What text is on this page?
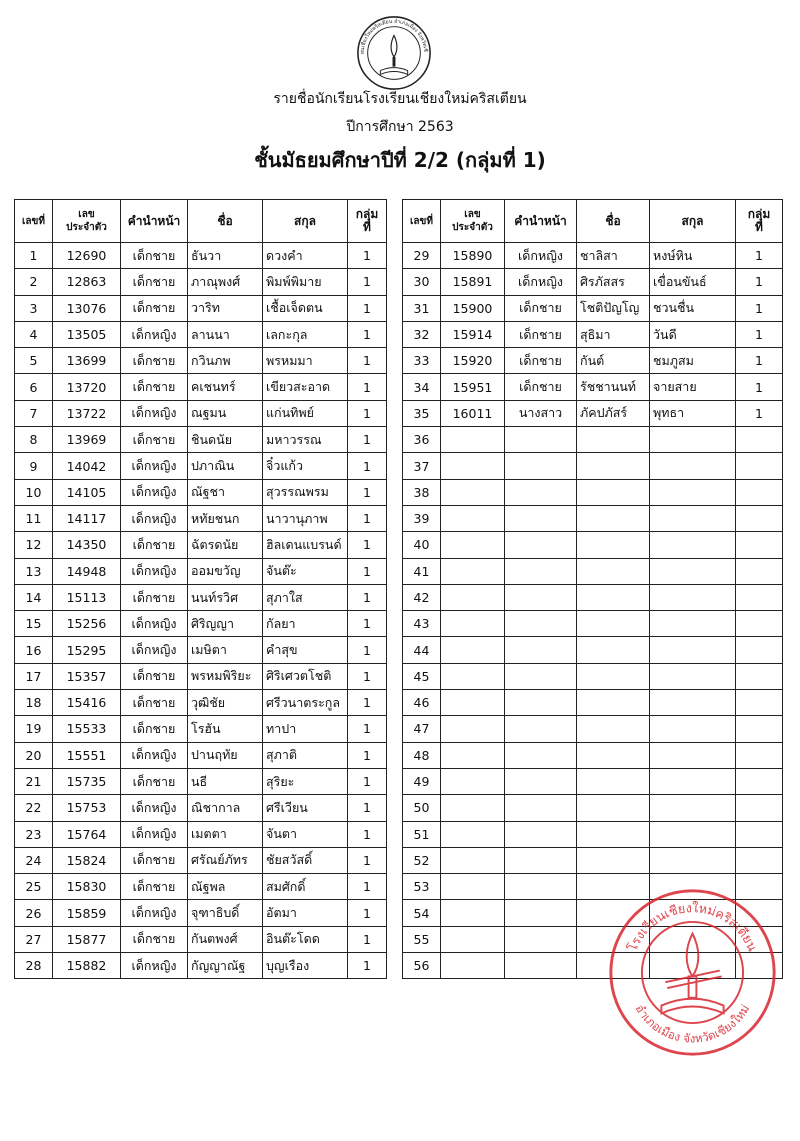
ยนเชียงใหม่คริสเตียน อำเภอเมือง จังหวัดเชี
รายชื่อนักเรียนโรงเรียนเชียงใหม่คริสเตียน
ปีการศึกษา 2563
ชั้นมัธยมศึกษาปีที่ 2/2 (กลุ่มที่ 1)
เลขที่	เลข
ประจำตัว	คำนำหน้า	ชื่อ	สกุล	กลุ่ม
ที่
1	12690	เด็กชาย	ธันวา	ดวงคำ	1
2	12863	เด็กชาย	ภาณุพงศ์	พิมพ์พิมาย	1
3	13076	เด็กชาย	วาริท	เชื้อเจ็ดตน	1
4	13505	เด็กหญิง	ลานนา	เลกะกุล	1
5	13699	เด็กชาย	กวินภพ	พรหมมา	1
6	13720	เด็กชาย	คเชนทร์	เขียวสะอาด	1
7	13722	เด็กหญิง	ณฐมน	แก่นทิพย์	1
8	13969	เด็กชาย	ชินดนัย	มหาวรรณ	1
9	14042	เด็กหญิง	ปภาณิน	จิ๋วแก้ว	1
10	14105	เด็กหญิง	ณัฐชา	สุวรรณพรม	1
11	14117	เด็กหญิง	หทัยชนก	นาวานุภาพ	1
12	14350	เด็กชาย	ฉัตรดนัย	ฮิลเดนแบรนด์	1
13	14948	เด็กหญิง	ออมขวัญ	จันต๊ะ	1
14	15113	เด็กชาย	นนท์รวิศ	สุภาใส	1
15	15256	เด็กหญิง	ศิริญญา	กัลยา	1
16	15295	เด็กหญิง	เมษิตา	คำสุข	1
17	15357	เด็กชาย	พรหมพิริยะ	ศิริเศวตโชติ	1
18	15416	เด็กชาย	วุฒิชัย	ศรีวนาตระกูล	1
19	15533	เด็กชาย	โรฮัน	ทาปา	1
20	15551	เด็กหญิง	ปานฤทัย	สุภาติ	1
21	15735	เด็กชาย	นธี	สุริยะ	1
22	15753	เด็กหญิง	ณิชากาล	ศรีเวียน	1
23	15764	เด็กหญิง	เมตตา	จันตา	1
24	15824	เด็กชาย	ศรัณย์ภัทร	ชัยสวัสดิ์	1
25	15830	เด็กชาย	ณัฐพล	สมศักดิ์	1
26	15859	เด็กหญิง	จุฑาธิบดิ์	อัตมา	1
27	15877	เด็กชาย	กันตพงศ์	อินต๊ะโดด	1
28	15882	เด็กหญิง	กัญญาณัฐ	บุญเรือง	1
เลขที่	เลข
ประจำตัว	คำนำหน้า	ชื่อ	สกุล	กลุ่ม
ที่
29	15890	เด็กหญิง	ชาลิสา	หงษ์หิน	1
30	15891	เด็กหญิง	ศิรภัสสร	เขื่อนขันธ์	1
31	15900	เด็กชาย	โชติปัญโญ	ชวนชื่น	1
32	15914	เด็กชาย	สุธิมา	วันดี	1
33	15920	เด็กชาย	กันต์	ชมภูสม	1
34	15951	เด็กชาย	รัชชานนท์	จายสาย	1
35	16011	นางสาว	ภัคปภัสร์	พุทธา	1
36					
37					
38					
39					
40					
41					
42					
43					
44					
45					
46					
47					
48					
49					
50					
51					
52					
53					
54					
55					
56					
โรงเรียนเชียงใหม่คริสเตียน
อำเภอเมือง จังหวัดเชียงใหม่
